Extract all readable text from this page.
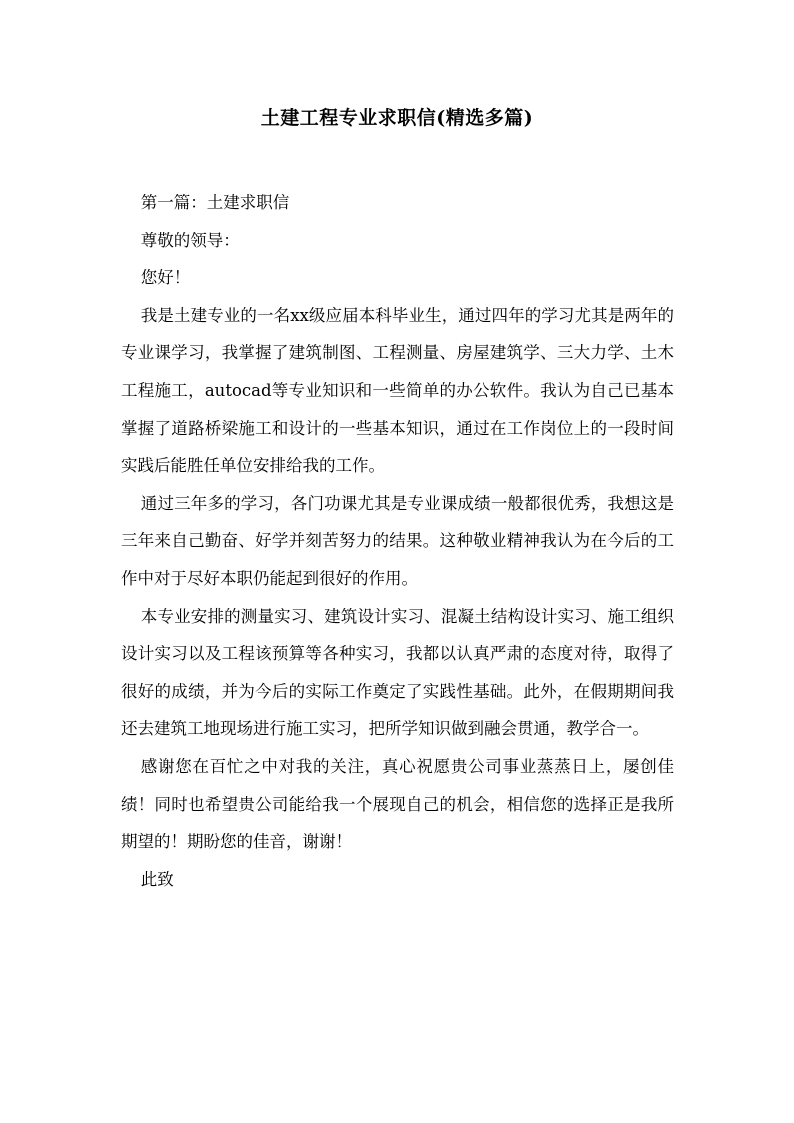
土建工程专业求职信(精选多篇)

第一篇：土建求职信

尊敬的领导：

您好！

我是土建专业的一名xx级应届本科毕业生，通过四年的学习尤其是两年的专业课学习，我掌握了建筑制图、工程测量、房屋建筑学、三大力学、土木工程施工，autocad等专业知识和一些简单的办公软件。我认为自己已基本掌握了道路桥梁施工和设计的一些基本知识，通过在工作岗位上的一段时间实践后能胜任单位安排给我的工作。

通过三年多的学习，各门功课尤其是专业课成绩一般都很优秀，我想这是三年来自己勤奋、好学并刻苦努力的结果。这种敬业精神我认为在今后的工作中对于尽好本职仍能起到很好的作用。

本专业安排的测量实习、建筑设计实习、混凝土结构设计实习、施工组织设计实习以及工程该预算等各种实习，我都以认真严肃的态度对待，取得了很好的成绩，并为今后的实际工作奠定了实践性基础。此外，在假期期间我还去建筑工地现场进行施工实习，把所学知识做到融会贯通，教学合一。

感谢您在百忙之中对我的关注，真心祝愿贵公司事业蒸蒸日上，屡创佳绩！同时也希望贵公司能给我一个展现自己的机会，相信您的选择正是我所期望的！期盼您的佳音，谢谢！

此致
